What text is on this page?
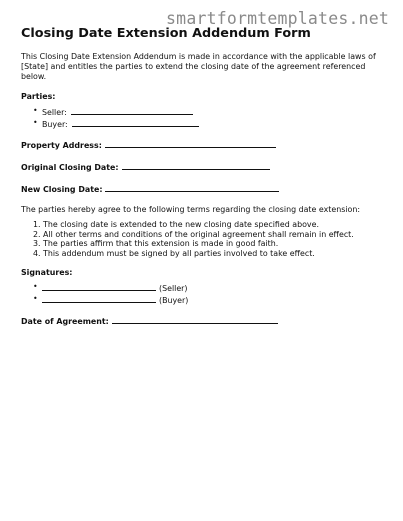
smartformtemplates.net
Closing Date Extension Addendum Form

This Closing Date Extension Addendum is made in accordance with the applicable laws of [State] and entitles the parties to extend the closing date of the agreement referenced below.

Parties:
• Seller:
• Buyer:
Property Address:
Original Closing Date:
New Closing Date:

The parties hereby agree to the following terms regarding the closing date extension:

1. The closing date is extended to the new closing date specified above.
2. All other terms and conditions of the original agreement shall remain in effect.
3. The parties affirm that this extension is made in good faith.
4. This addendum must be signed by all parties involved to take effect.
Signatures:
• (Seller)
• (Buyer)
Date of Agreement:
